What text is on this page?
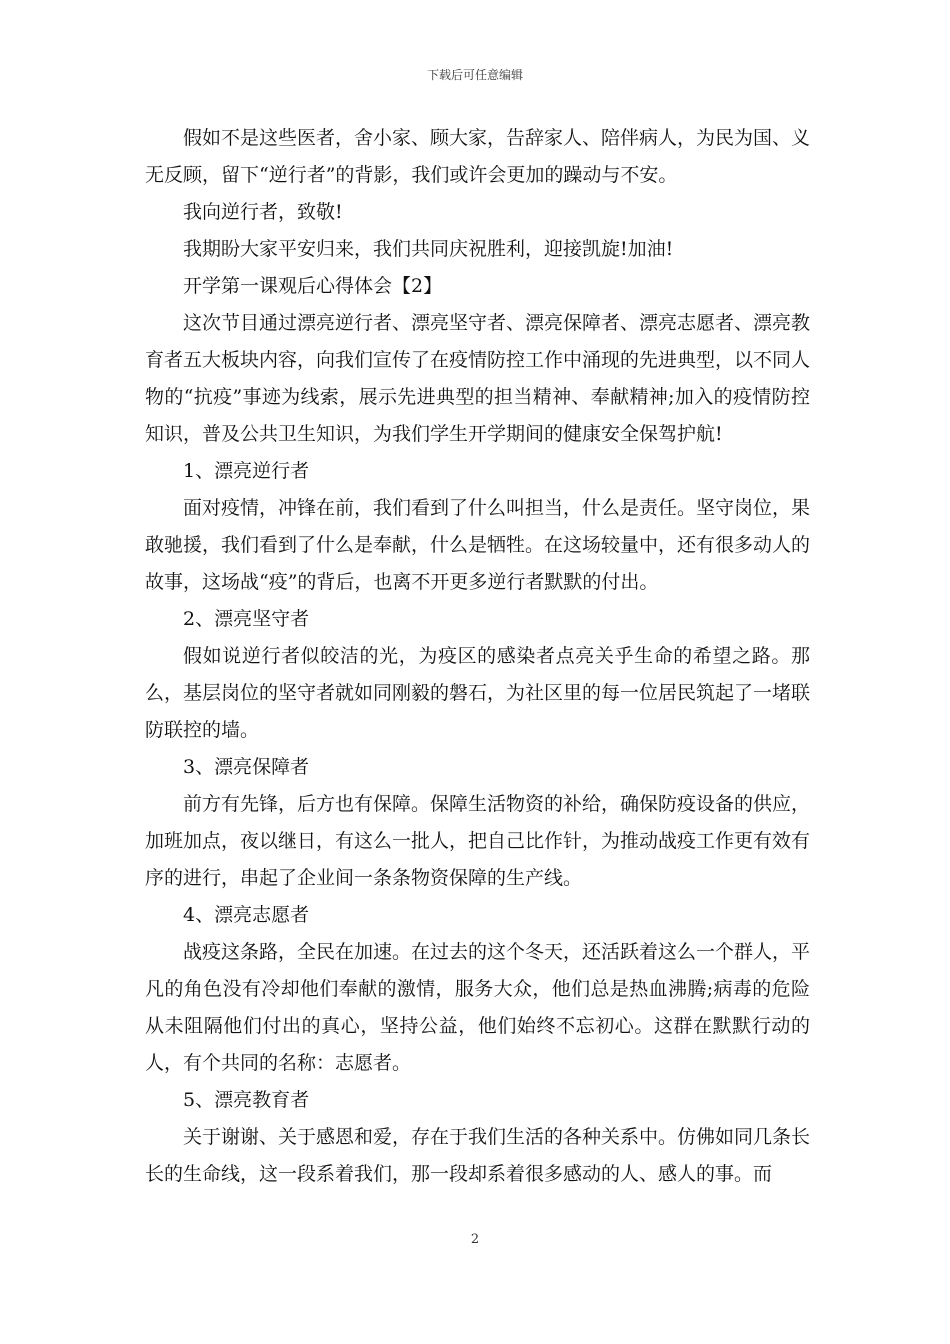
下载后可任意编辑

假如不是这些医者，舍小家、顾大家，告辞家人、陪伴病人，为民为国、义无反顾，留下“逆行者”的背影，我们或许会更加的躁动与不安。

我向逆行者，致敬!

我期盼大家平安归来，我们共同庆祝胜利，迎接凯旋!加油!

开学第一课观后心得体会【2】

这次节目通过漂亮逆行者、漂亮坚守者、漂亮保障者、漂亮志愿者、漂亮教育者五大板块内容，向我们宣传了在疫情防控工作中涌现的先进典型，以不同人物的“抗疫”事迹为线索，展示先进典型的担当精神、奉献精神;加入的疫情防控知识，普及公共卫生知识，为我们学生开学期间的健康安全保驾护航!

1、漂亮逆行者

面对疫情，冲锋在前，我们看到了什么叫担当，什么是责任。坚守岗位，果敢驰援，我们看到了什么是奉献，什么是牺牲。在这场较量中，还有很多动人的故事，这场战“疫”的背后，也离不开更多逆行者默默的付出。

2、漂亮坚守者

假如说逆行者似皎洁的光，为疫区的感染者点亮关乎生命的希望之路。那么，基层岗位的坚守者就如同刚毅的磐石，为社区里的每一位居民筑起了一堵联防联控的墙。

3、漂亮保障者

前方有先锋，后方也有保障。保障生活物资的补给，确保防疫设备的供应，加班加点，夜以继日，有这么一批人，把自己比作针，为推动战疫工作更有效有序的进行，串起了企业间一条条物资保障的生产线。

4、漂亮志愿者

战疫这条路，全民在加速。在过去的这个冬天，还活跃着这么一个群人，平凡的角色没有冷却他们奉献的激情，服务大众，他们总是热血沸腾;病毒的危险从未阻隔他们付出的真心，坚持公益，他们始终不忘初心。这群在默默行动的人，有个共同的名称：志愿者。

5、漂亮教育者

关于谢谢、关于感恩和爱，存在于我们生活的各种关系中。仿佛如同几条长长的生命线，这一段系着我们，那一段却系着很多感动的人、感人的事。而

2
